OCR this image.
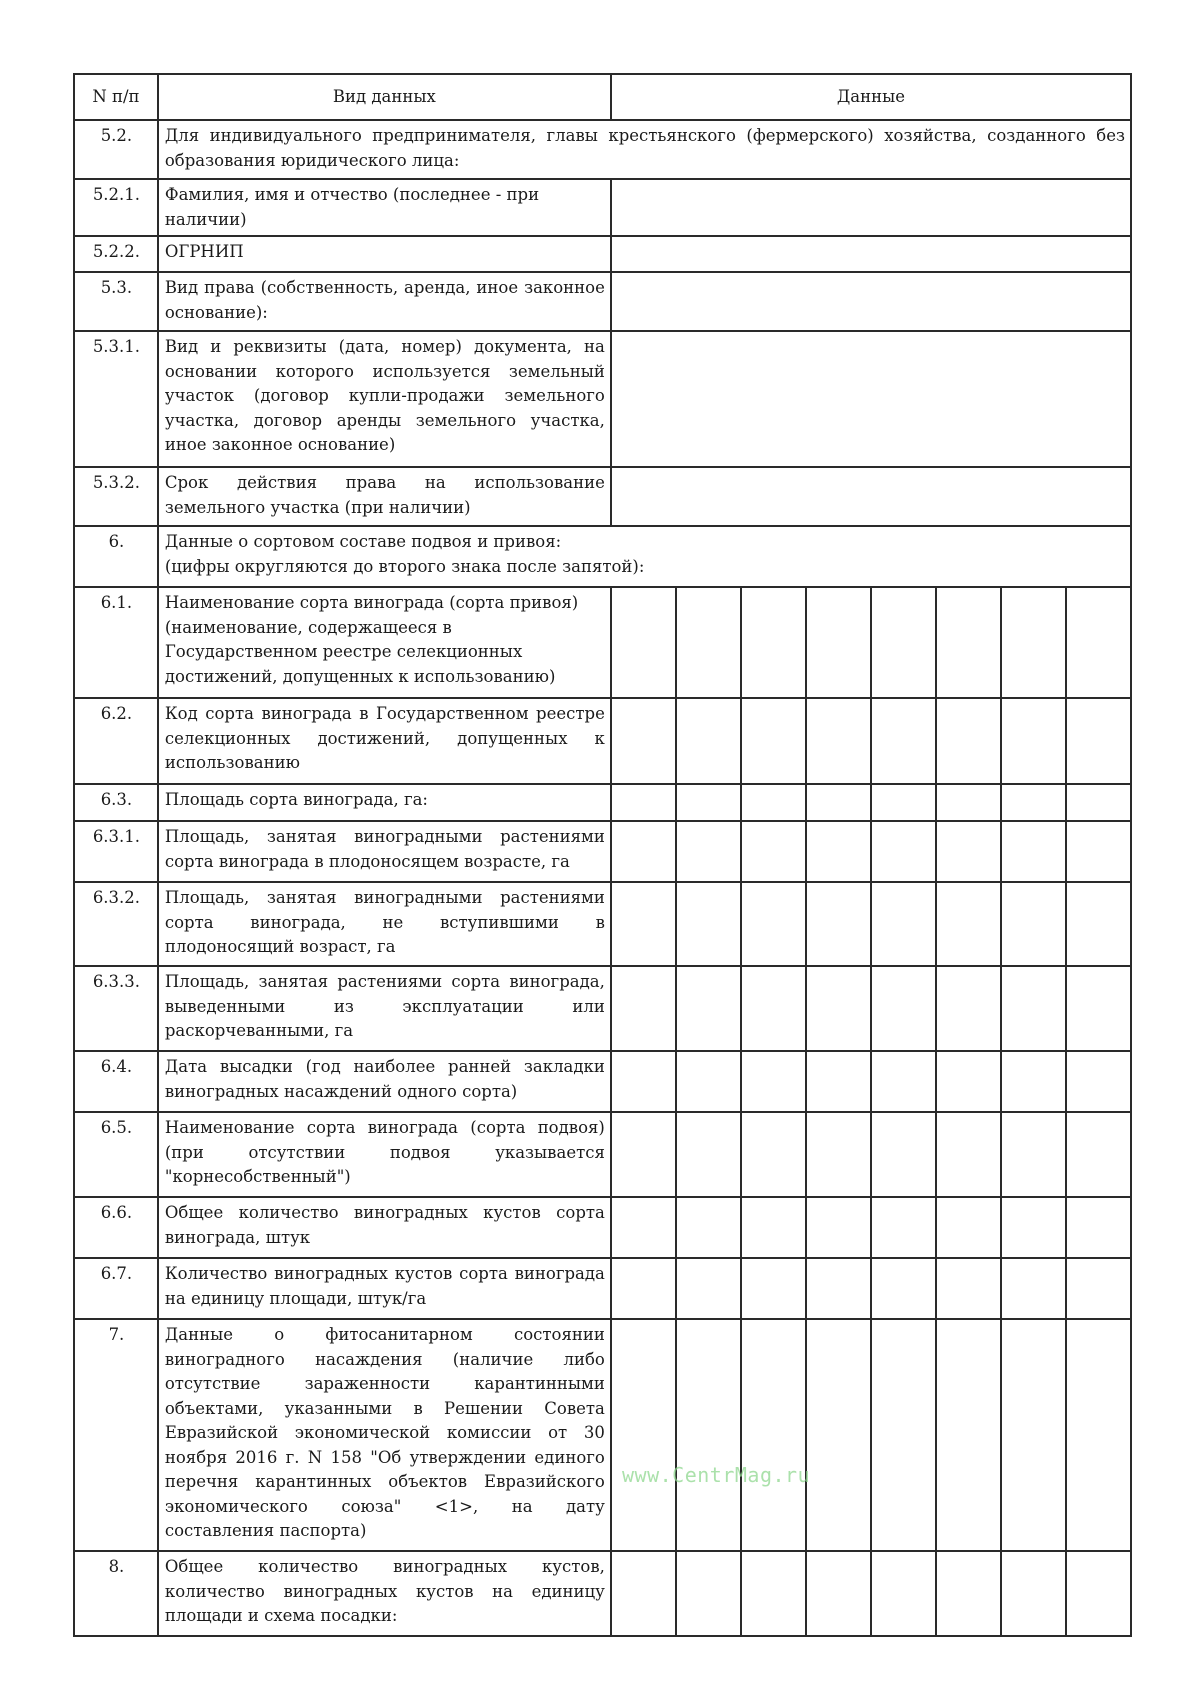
N п/п	Вид данных	Данные							
5.2.	Для индивидуального предпринимателя, главы крестьянского (фермерского) хозяйства, созданного без образования юридического лица:								
5.2.1.	Фамилия, имя и отчество (последнее - при наличии)								
5.2.2.	ОГРНИП								
5.3.	Вид права (собственность, аренда, иное законное основание):								
5.3.1.	Вид и реквизиты (дата, номер) документа, на основании которого используется земельный участок (договор купли-продажи земельного участка, договор аренды земельного участка, иное законное основание)								
5.3.2.	Срок действия права на использование земельного участка (при наличии)								
6.	Данные о сортовом составе подвоя и привоя:
(цифры округляются до второго знака после запятой):								

6.1.	Наименование сорта винограда (сорта привоя) (наименование, содержащееся в Государственном реестре селекционных достижений, допущенных к использованию)								
6.2.	Код сорта винограда в Государственном реестре селекционных достижений, допущенных к использованию								
6.3.	Площадь сорта винограда, га:								
6.3.1.	Площадь, занятая виноградными растениями сорта винограда в плодоносящем возрасте, га								
6.3.2.	Площадь, занятая виноградными растениями сорта винограда, не вступившими в плодоносящий возраст, га								
6.3.3.	Площадь, занятая растениями сорта винограда, выведенными из эксплуатации или раскорчеванными, га								
6.4.	Дата высадки (год наиболее ранней закладки виноградных насаждений одного сорта)								
6.5.	Наименование сорта винограда (сорта подвоя) (при отсутствии подвоя указывается "корнесобственный")								
6.6.	Общее количество виноградных кустов сорта винограда, штук								
6.7.	Количество виноградных кустов сорта винограда на единицу площади, штук/га								
7.	Данные о фитосанитарном состоянии виноградного насаждения (наличие либо отсутствие зараженности карантинными объектами, указанными в Решении Совета Евразийской экономической комиссии от 30 ноября 2016 г. N 158 "Об утверждении единого перечня карантинных объектов Евразийского экономического союза" <1>, на дату составления паспорта)								
8.	Общее количество виноградных кустов, количество виноградных кустов на единицу площади и схема посадки:								
www.CentrMag.ru
